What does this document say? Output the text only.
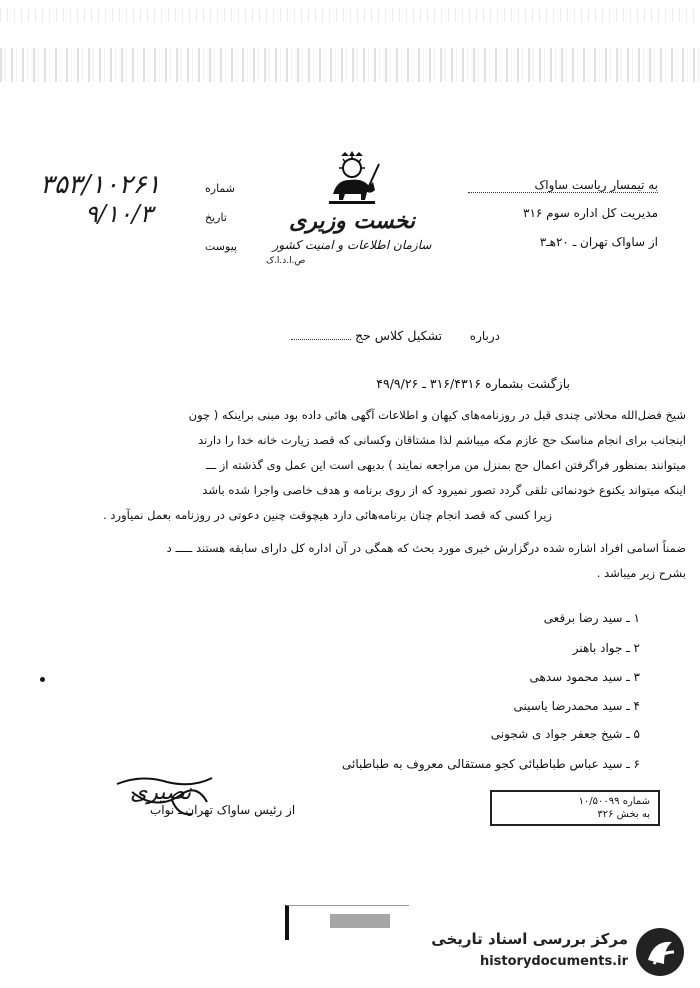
نخست وزیری
سازمان اطلاعات و امنیت کشور
ص.ا.د.ا.ک
به تیمسار ریاست ساواک
مدیریت کل اداره سوم ۳۱۶
از ساواک تهران ـ ۲۰هـ۳
شماره
تاریخ
پیوست
۳۵۳/۱۰۲۶۱
۹/۱۰/۳
درباره  تشکیل کلاس حج
بازگشت بشماره ۳۱۶/۴۳۱۶ ـ ۴۹/۹/۲۶
شیخ فضل‌الله محلاتی چندی قبل در روزنامه‌های کیهان و اطلاعات آگهی هائی داده بود مبنی براینکه ( چون
اینجانب برای انجام مناسک حج عازم مکه میباشم لذا مشتاقان وکسانی که قصد زیارت خانه خدا را دارند
میتوانند بمنظور فراگرفتن اعمال حج بمنزل من مراجعه نمایند ) بدیهی است این عمل وی گذشته از ـــ
اینکه میتواند یکنوع خودنمائی تلقی گردد تصور نمیرود که از روی برنامه و هدف خاصی واجرا شده باشد
زیرا کسی که قصد انجام چنان برنامه‌هائی دارد هیچوقت چنین دعوتی در روزنامه بعمل نمیآورد .
ضمناً اسامی افراد اشاره شده درگزارش خبری مورد بحث که همگی در آن اداره کل دارای سابقه هستند ـــــ د
بشرح زیر میباشد .
۱ ـ سید رضا برقعی
۲ ـ جواد باهنر
۳ ـ سید محمود سدهی
۴ ـ سید محمدرضا یاسینی
۵ ـ شیخ جعفر جواد ی شجونی
۶ ـ سید عباس طباطبائی کجو مستقالی معروف به طباطبائی
از رئیس ساواک تهران ـ نواب
نصیری	شماره ۱۰/۵۰۰۹۹
به بخش ۳۲۶
مرکز بررسی اسناد تاریخی
historydocuments.ir
